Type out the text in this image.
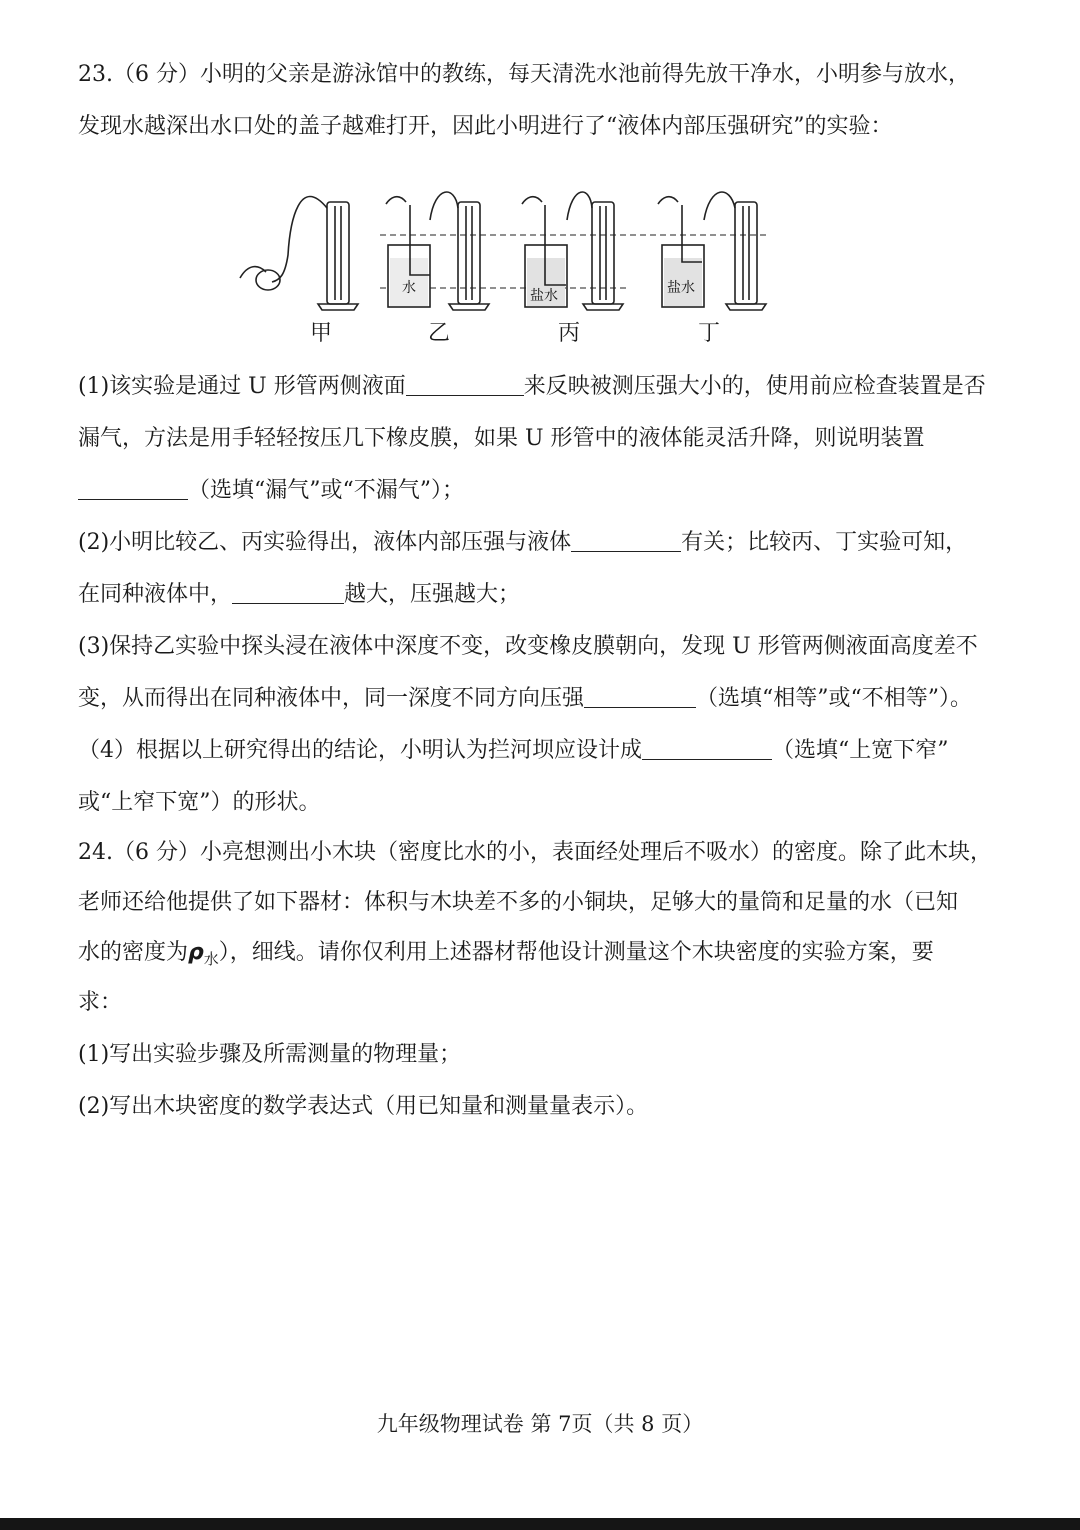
23.（6 分）小明的父亲是游泳馆中的教练，每天清洗水池前得先放干净水，小明参与放水，
发现水越深出水口处的盖子越难打开，因此小明进行了“液体内部压强研究”的实验：
水	盐水	盐水
甲	乙	丙	丁
(1)该实验是通过 U 形管两侧液面	来反映被测压强大小的，使用前应检查装置是否
漏气，方法是用手轻轻按压几下橡皮膜，如果 U 形管中的液体能灵活升降，则说明装置
（选填“漏气”或“不漏气”）；
(2)小明比较乙、丙实验得出，液体内部压强与液体	有关；比较丙、丁实验可知，
在同种液体中，	越大，压强越大；
(3)保持乙实验中探头浸在液体中深度不变，改变橡皮膜朝向，发现 U 形管两侧液面高度差不
变，从而得出在同种液体中，同一深度不同方向压强	（选填“相等”或“不相等”）。
（4）根据以上研究得出的结论，小明认为拦河坝应设计成	（选填“上宽下窄”
或“上窄下宽”）的形状。
24.（6 分）小亮想测出小木块（密度比水的小，表面经处理后不吸水）的密度。除了此木块，
老师还给他提供了如下器材：体积与木块差不多的小铜块，足够大的量筒和足量的水（已知
水的密度为$\rho_水$），细线。请你仅利用上述器材帮他设计测量这个木块密度的实验方案，要
求：
(1)写出实验步骤及所需测量的物理量；
(2)写出木块密度的数学表达式（用已知量和测量量表示）。
九年级物理试卷 第 7页（共 8 页）
